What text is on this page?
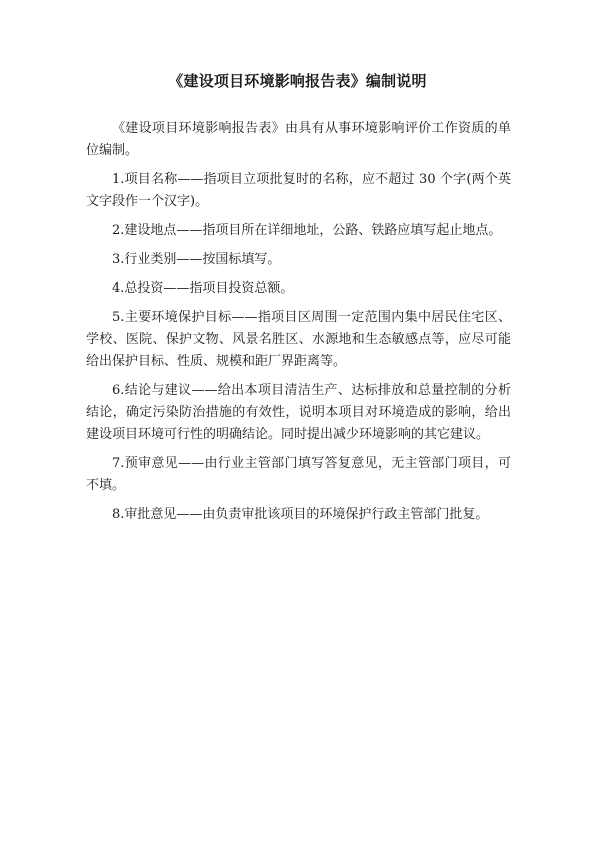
《建设项目环境影响报告表》编制说明

《建设项目环境影响报告表》由具有从事环境影响评价工作资质的单位编制。

1.项目名称——指项目立项批复时的名称，应不超过 30 个字(两个英文字段作一个汉字)。

2.建设地点——指项目所在详细地址，公路、铁路应填写起止地点。

3.行业类别——按国标填写。

4.总投资——指项目投资总额。

5.主要环境保护目标——指项目区周围一定范围内集中居民住宅区、学校、医院、保护文物、风景名胜区、水源地和生态敏感点等，应尽可能给出保护目标、性质、规模和距厂界距离等。

6.结论与建议——给出本项目清洁生产、达标排放和总量控制的分析结论，确定污染防治措施的有效性，说明本项目对环境造成的影响，给出建设项目环境可行性的明确结论。同时提出减少环境影响的其它建议。

7.预审意见——由行业主管部门填写答复意见，无主管部门项目，可不填。

8.审批意见——由负责审批该项目的环境保护行政主管部门批复。
